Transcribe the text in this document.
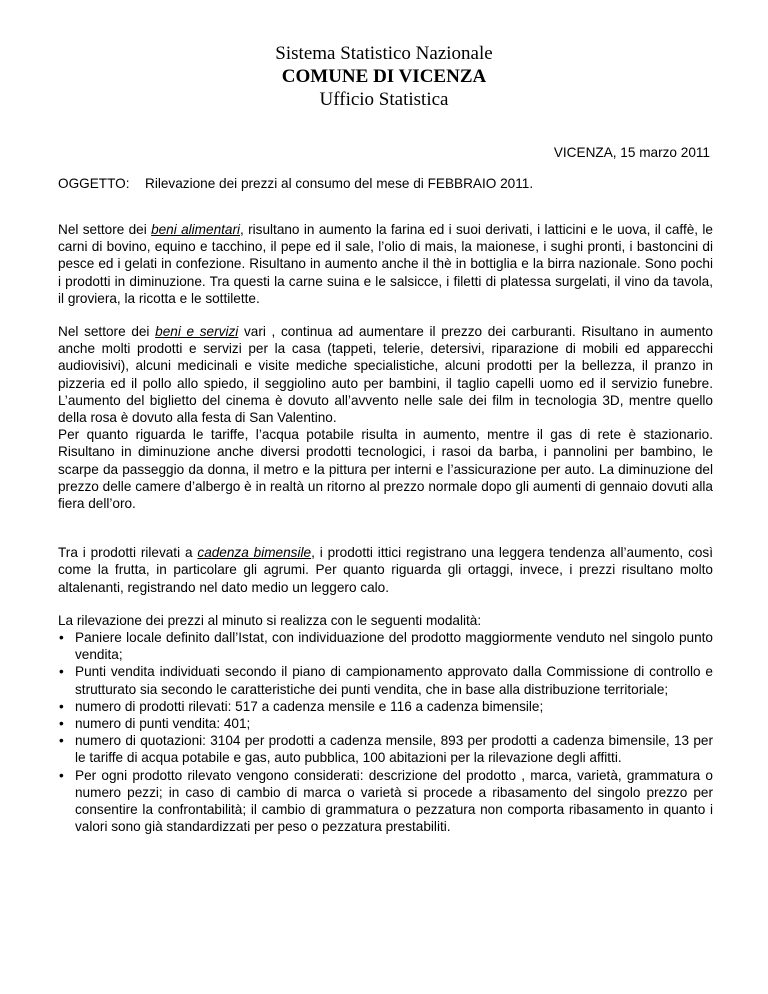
Sistema Statistico Nazionale
COMUNE DI VICENZA
Ufficio Statistica
VICENZA, 15 marzo 2011
OGGETTO: Rilevazione dei prezzi al consumo del mese di FEBBRAIO 2011.

Nel settore dei beni alimentari, risultano in aumento la farina ed i suoi derivati, i latticini e le uova, il caffè, le carni di bovino, equino e tacchino, il pepe ed il sale, l’olio di mais, la maionese, i sughi pronti, i bastoncini di pesce ed i gelati in confezione. Risultano in aumento anche il thè in bottiglia e la birra nazionale. Sono pochi i prodotti in diminuzione. Tra questi la carne suina e le salsicce, i filetti di platessa surgelati, il vino da tavola, il groviera, la ricotta e le sottilette.

Nel settore dei beni e servizi vari , continua ad aumentare il prezzo dei carburanti. Risultano in aumento anche molti prodotti e servizi per la casa (tappeti, telerie, detersivi, riparazione di mobili ed apparecchi audiovisivi), alcuni medicinali e visite mediche specialistiche, alcuni prodotti per la bellezza, il pranzo in pizzeria ed il pollo allo spiedo, il seggiolino auto per bambini, il taglio capelli uomo ed il servizio funebre. L’aumento del biglietto del cinema è dovuto all’avvento nelle sale dei film in tecnologia 3D, mentre quello della rosa è dovuto alla festa di San Valentino.

Per quanto riguarda le tariffe, l’acqua potabile risulta in aumento, mentre il gas di rete è stazionario. Risultano in diminuzione anche diversi prodotti tecnologici, i rasoi da barba, i pannolini per bambino, le scarpe da passeggio da donna, il metro e la pittura per interni e l’assicurazione per auto. La diminuzione del prezzo delle camere d’albergo è in realtà un ritorno al prezzo normale dopo gli aumenti di gennaio dovuti alla fiera dell’oro.

Tra i prodotti rilevati a cadenza bimensile, i prodotti ittici registrano una leggera tendenza all’aumento, così come la frutta, in particolare gli agrumi. Per quanto riguarda gli ortaggi, invece, i prezzi risultano molto altalenanti, registrando nel dato medio un leggero calo.

La rilevazione dei prezzi al minuto si realizza con le seguenti modalità:
• Paniere locale definito dall’Istat, con individuazione del prodotto maggiormente venduto nel singolo punto vendita;
• Punti vendita individuati secondo il piano di campionamento approvato dalla Commissione di controllo e strutturato sia secondo le caratteristiche dei punti vendita, che in base alla distribuzione territoriale;
• numero di prodotti rilevati: 517 a cadenza mensile e 116 a cadenza bimensile;
• numero di punti vendita: 401;
• numero di quotazioni: 3104 per prodotti a cadenza mensile, 893 per prodotti a cadenza bimensile, 13 per le tariffe di acqua potabile e gas, auto pubblica, 100 abitazioni per la rilevazione degli affitti.
• Per ogni prodotto rilevato vengono considerati: descrizione del prodotto , marca, varietà, grammatura o numero pezzi; in caso di cambio di marca o varietà si procede a ribasamento del singolo prezzo per consentire la confrontabilità; il cambio di grammatura o pezzatura non comporta ribasamento in quanto i valori sono già standardizzati per peso o pezzatura prestabiliti.
